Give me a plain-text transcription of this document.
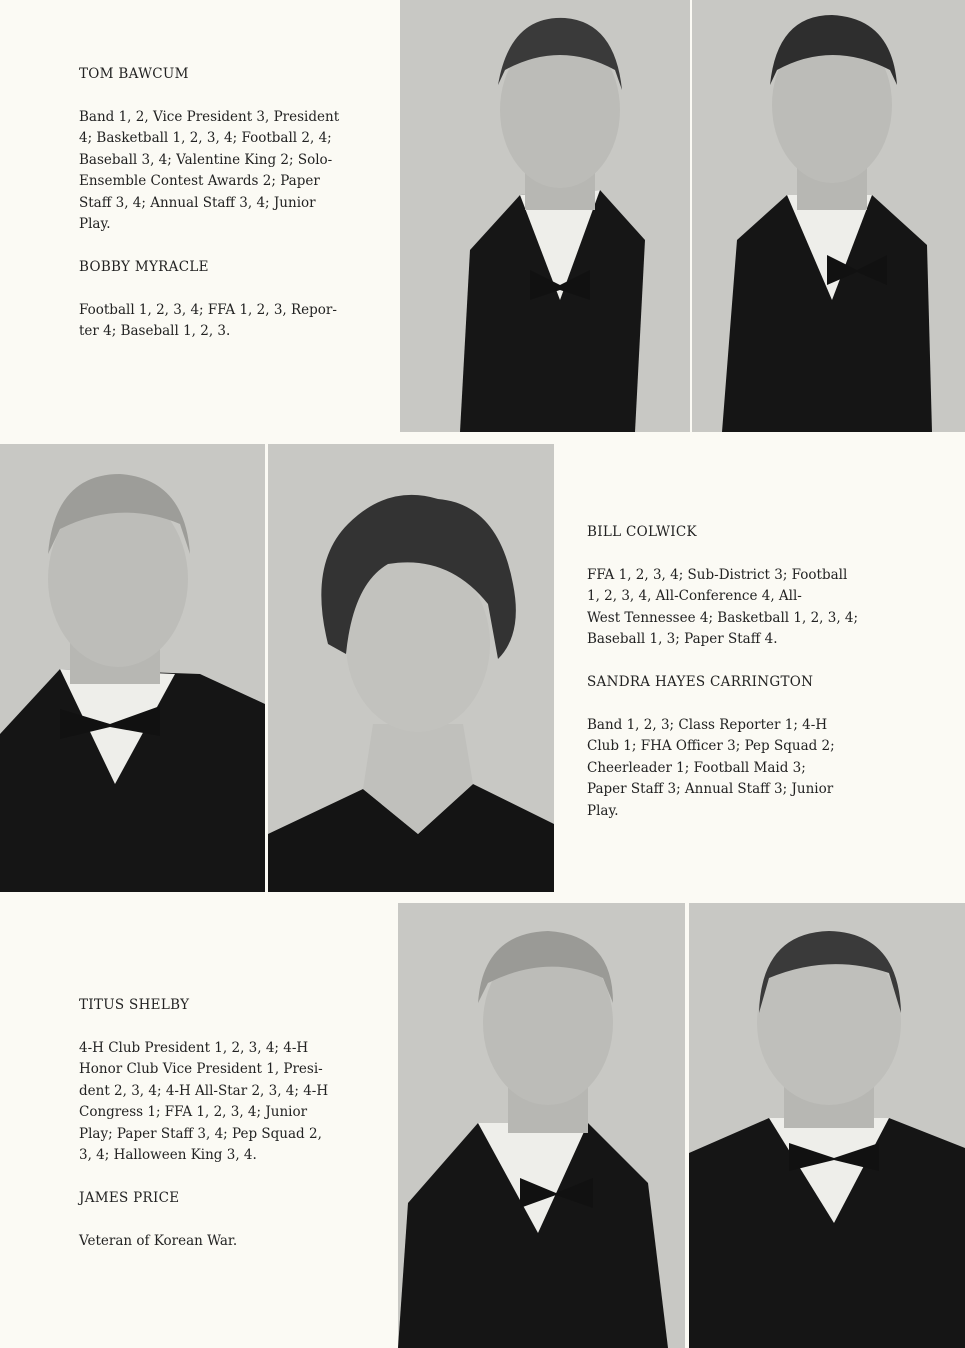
TOM BAWCUM
Band 1, 2, Vice President 3, President
4; Basketball 1, 2, 3, 4; Football 2, 4;
Baseball 3, 4; Valentine King 2; Solo-
Ensemble Contest Awards 2; Paper
Staff 3, 4; Annual Staff 3, 4; Junior
Play.
BOBBY MYRACLE
Football 1, 2, 3, 4; FFA 1, 2, 3, Repor-
ter 4; Baseball 1, 2, 3.
BILL COLWICK
FFA 1, 2, 3, 4; Sub-District 3; Football
1, 2, 3, 4, All-Conference 4, All-
West Tennessee 4; Basketball 1, 2, 3, 4;
Baseball 1, 3; Paper Staff 4.
SANDRA HAYES CARRINGTON
Band 1, 2, 3; Class Reporter 1; 4-H
Club 1; FHA Officer 3; Pep Squad 2;
Cheerleader 1; Football Maid 3;
Paper Staff 3; Annual Staff 3; Junior
Play.
TITUS SHELBY
4-H Club President 1, 2, 3, 4; 4-H
Honor Club Vice President 1, Presi-
dent 2, 3, 4; 4-H All-Star 2, 3, 4; 4-H
Congress 1; FFA 1, 2, 3, 4; Junior
Play; Paper Staff 3, 4; Pep Squad 2,
3, 4; Halloween King 3, 4.
JAMES PRICE
Veteran of Korean War.
